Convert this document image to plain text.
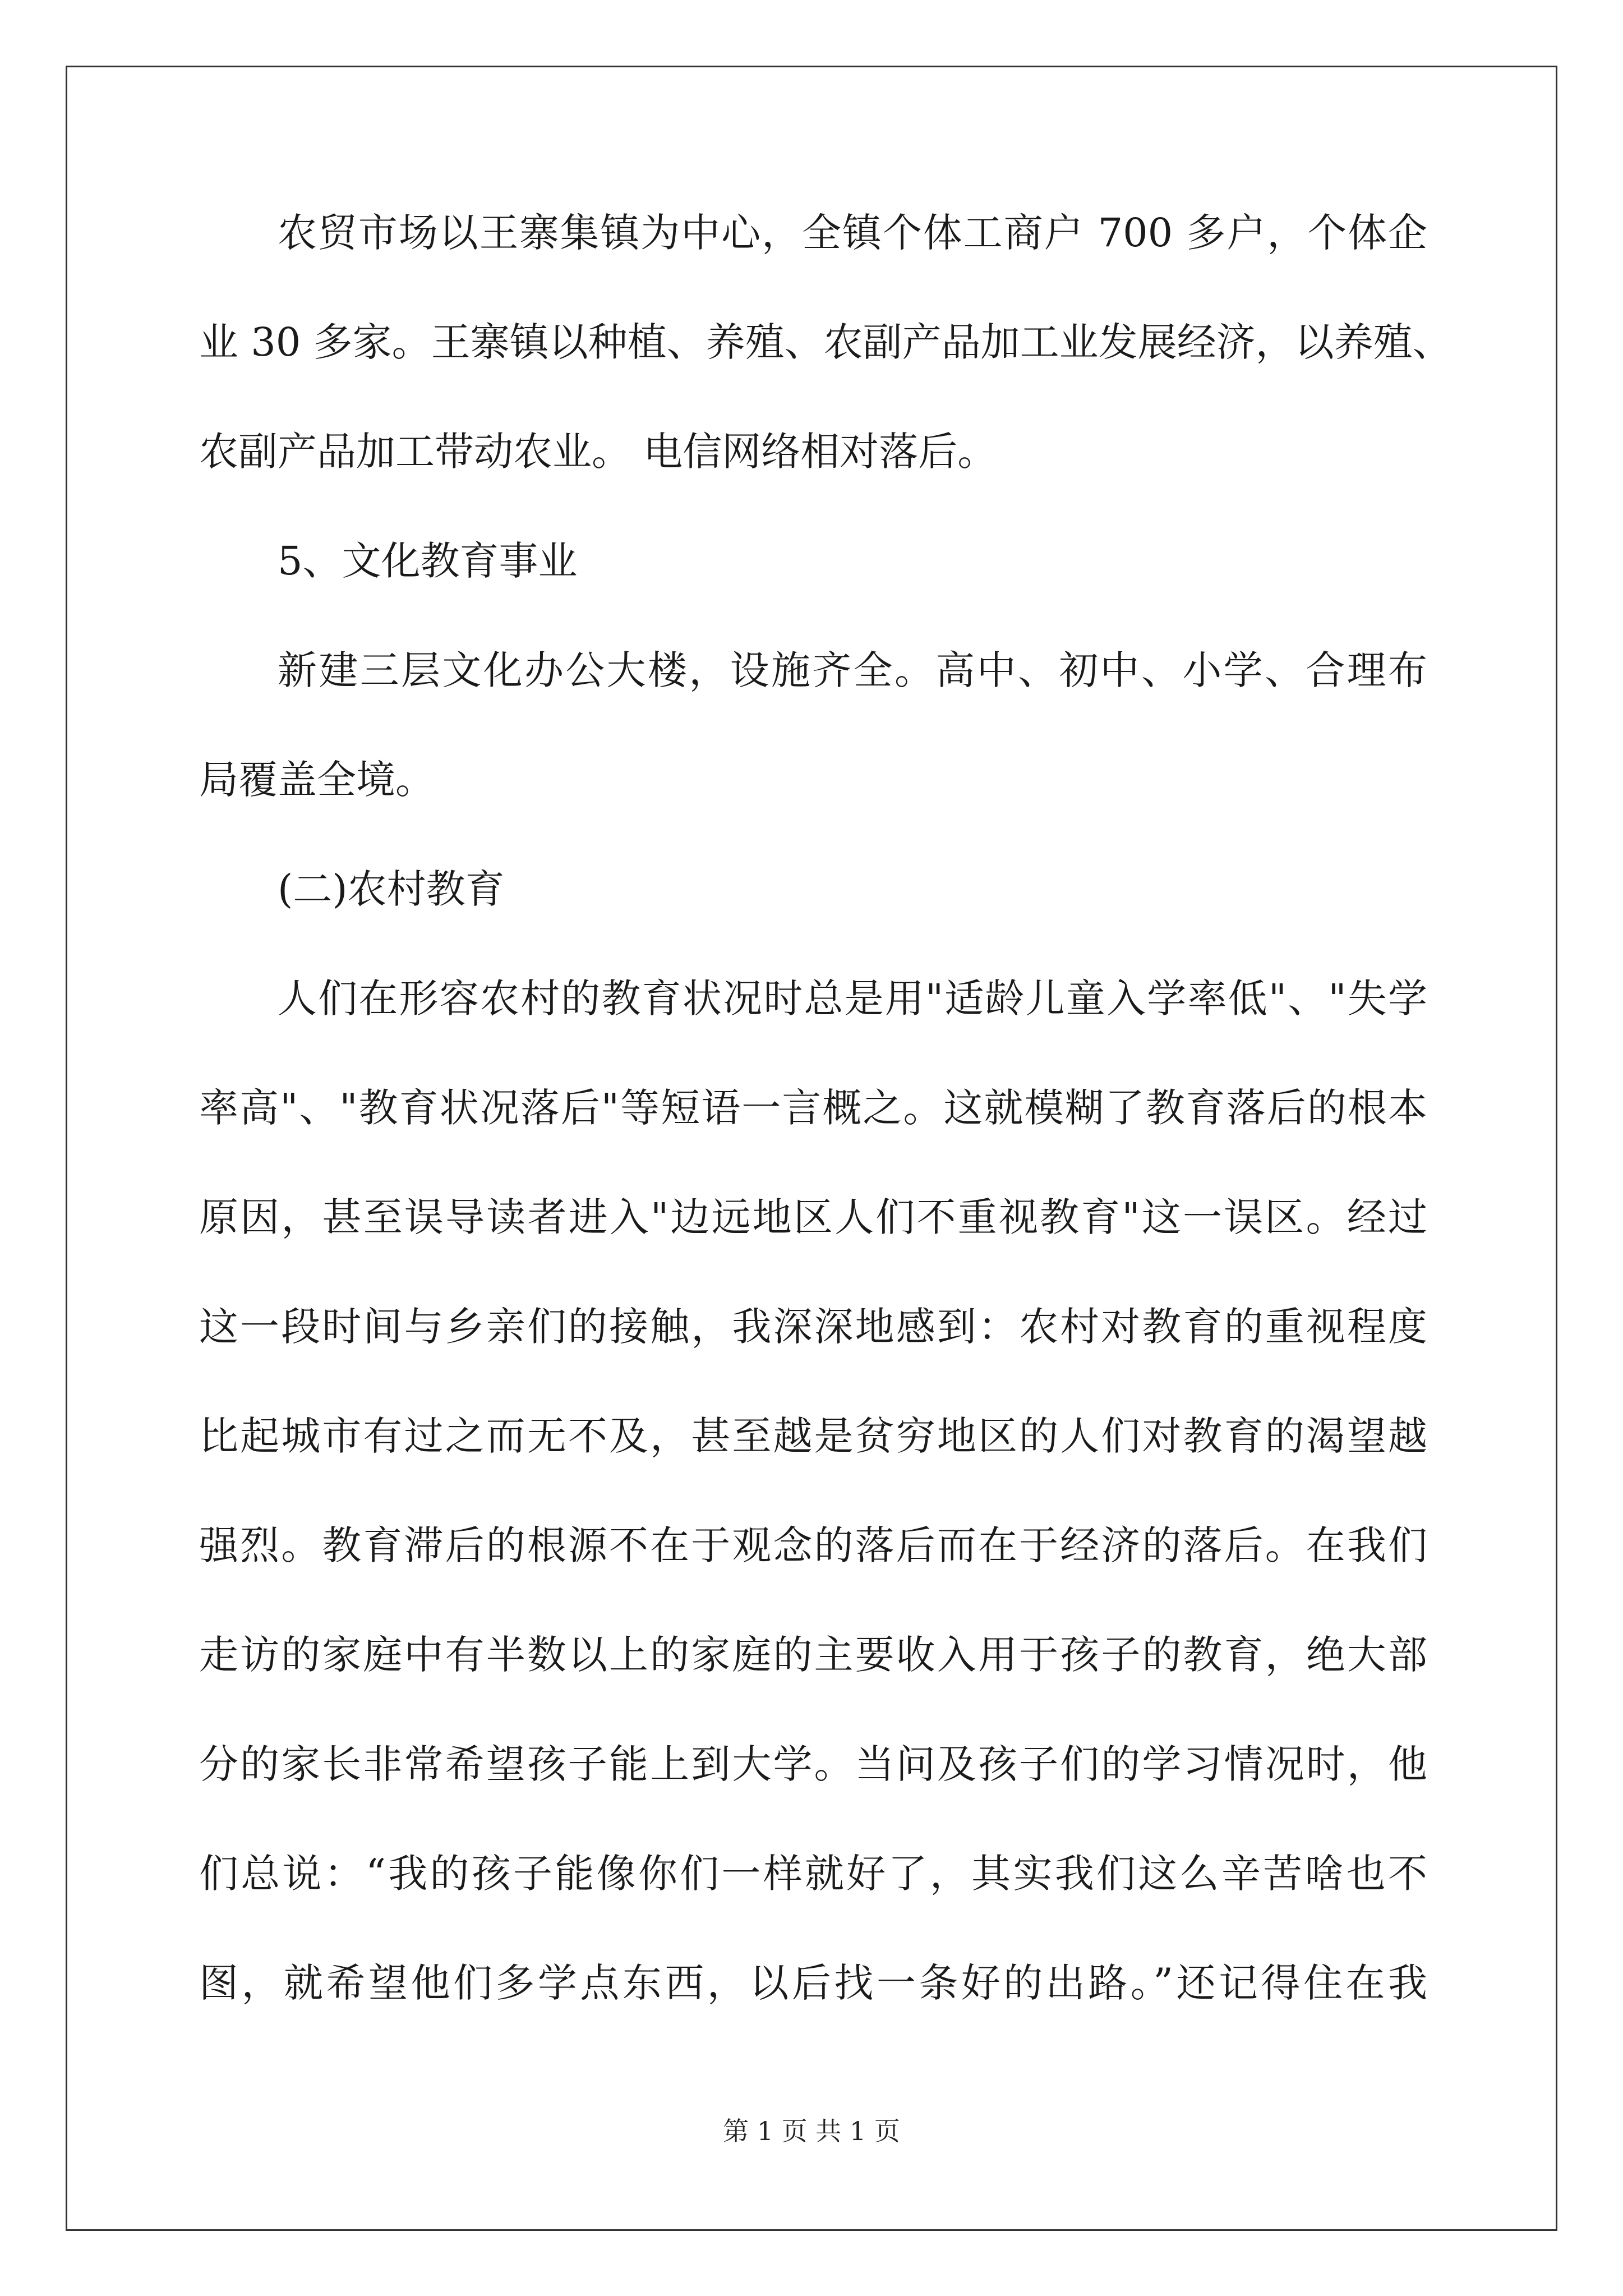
农贸市场以王寨集镇为中心，全镇个体工商户 700 多户，个体企
业 30 多家。王寨镇以种植、养殖、农副产品加工业发展经济，以养殖、
农副产品加工带动农业。 电信网络相对落后。
5、文化教育事业
新建三层文化办公大楼，设施齐全。高中、初中、小学、合理布
局覆盖全境。
(二)农村教育
人们在形容农村的教育状况时总是用"适龄儿童入学率低"、"失学
率高"、"教育状况落后"等短语一言概之。这就模糊了教育落后的根本
原因，甚至误导读者进入"边远地区人们不重视教育"这一误区。经过
这一段时间与乡亲们的接触，我深深地感到：农村对教育的重视程度
比起城市有过之而无不及，甚至越是贫穷地区的人们对教育的渴望越
强烈。教育滞后的根源不在于观念的落后而在于经济的落后。在我们
走访的家庭中有半数以上的家庭的主要收入用于孩子的教育，绝大部
分的家长非常希望孩子能上到大学。当问及孩子们的学习情况时，他
们总说：“我的孩子能像你们一样就好了，其实我们这么辛苦啥也不
图，就希望他们多学点东西，以后找一条好的出路。”还记得住在我
第 1 页 共 1 页
